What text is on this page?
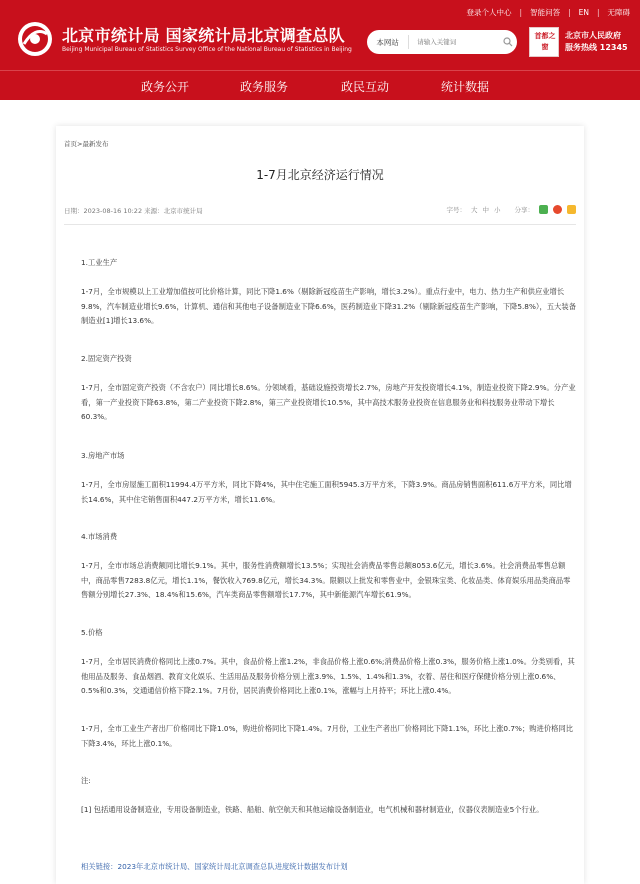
登录个人中心 | 智能问答 | EN | 无障碍
北京市统计局 国家统计局北京调查总队
Beijing Municipal Bureau of Statistics Survey Office of the National Bureau of Statistics in Beijing
本网站
请输入关键词
首都之窗
北京市人民政府
服务热线 12345
政务公开	政务服务	政民互动	统计数据
首页>最新发布
1-7月北京经济运行情况
日期：2023-08-16 10:22 来源：北京市统计局	字号： 大 中 小 分享：

1.工业生产

1-7月，全市规模以上工业增加值按可比价格计算，同比下降1.6%（剔除新冠疫苗生产影响，增长3.2%）。重点行业中，电力、热力生产和供应业增长9.8%，汽车制造业增长9.6%，计算机、通信和其他电子设备制造业下降6.6%，医药制造业下降31.2%（剔除新冠疫苗生产影响，下降5.8%），五大装备制造业[1]增长13.6%。

2.固定资产投资

1-7月，全市固定资产投资（不含农户）同比增长8.6%。分领域看，基础设施投资增长2.7%，房地产开发投资增长4.1%，制造业投资下降2.9%。分产业看，第一产业投资下降63.8%，第二产业投资下降2.8%，第三产业投资增长10.5%，其中高技术服务业投资在信息服务业和科技服务业带动下增长60.3%。

3.房地产市场

1-7月，全市房屋施工面积11994.4万平方米，同比下降4%，其中住宅施工面积5945.3万平方米，下降3.9%。商品房销售面积611.6万平方米，同比增长14.6%，其中住宅销售面积447.2万平方米，增长11.6%。

4.市场消费

1-7月，全市市场总消费额同比增长9.1%。其中，服务性消费额增长13.5%；实现社会消费品零售总额8053.6亿元，增长3.6%。社会消费品零售总额中，商品零售7283.8亿元，增长1.1%，餐饮收入769.8亿元，增长34.3%。限额以上批发和零售业中，金银珠宝类、化妆品类、体育娱乐用品类商品零售额分别增长27.3%、18.4%和15.6%，汽车类商品零售额增长17.7%，其中新能源汽车增长61.9%。

5.价格

1-7月，全市居民消费价格同比上涨0.7%。其中，食品价格上涨1.2%，非食品价格上涨0.6%;消费品价格上涨0.3%，服务价格上涨1.0%。分类别看，其他用品及服务、食品烟酒、教育文化娱乐、生活用品及服务价格分别上涨3.9%、1.5%、1.4%和1.3%，衣着、居住和医疗保健价格分别上涨0.6%、0.5%和0.3%，交通通信价格下降2.1%。7月份，居民消费价格同比上涨0.1%，涨幅与上月持平；环比上涨0.4%。

1-7月，全市工业生产者出厂价格同比下降1.0%，购进价格同比下降1.4%。7月份，工业生产者出厂价格同比下降1.1%，环比上涨0.7%；购进价格同比下降3.4%，环比上涨0.1%。

注:

[1] 包括通用设备制造业，专用设备制造业，铁路、船舶、航空航天和其他运输设备制造业，电气机械和器材制造业，仪器仪表制造业5个行业。

相关链接：2023年北京市统计局、国家统计局北京调查总队进度统计数据发布计划
